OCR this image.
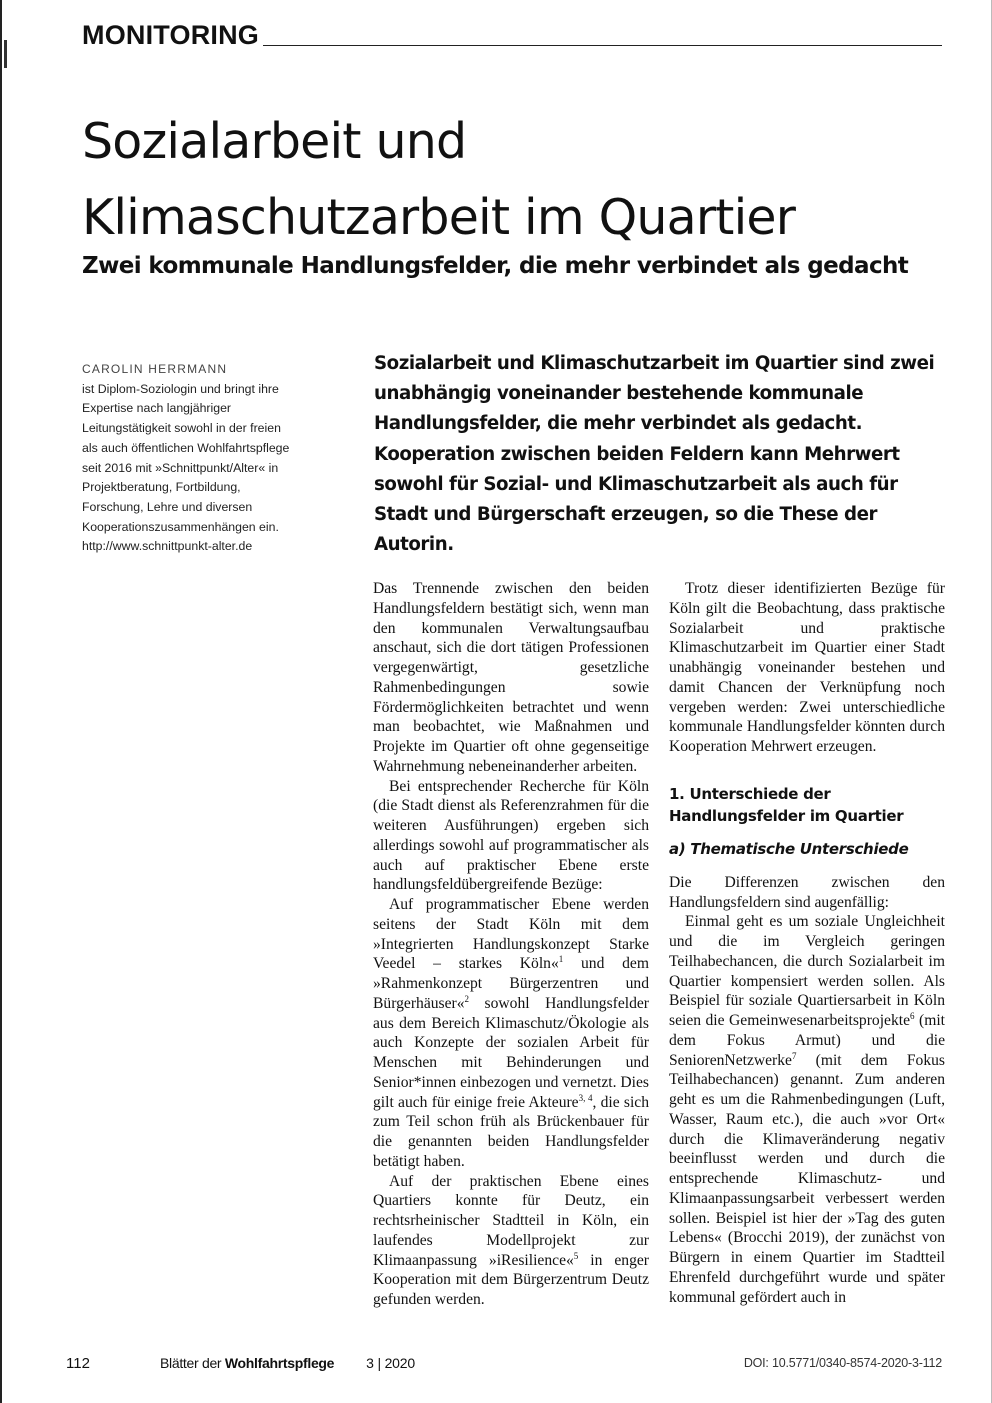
MONITORING
Sozialarbeit und
Klimaschutzarbeit im Quartier
Zwei kommunale Handlungsfelder, die mehr verbindet als gedacht
CAROLIN HERRMANN
ist Diplom-Soziologin und bringt ihre Expertise nach langjähriger Leitungstätigkeit sowohl in der freien als auch öffentlichen Wohlfahrtspflege seit 2016 mit »Schnittpunkt/Alter« in Projektberatung, Fortbildung, Forschung, Lehre und diversen Kooperationszusammenhängen ein.
http://www.schnittpunkt-alter.de

Sozialarbeit und Klimaschutzarbeit im Quartier sind zwei unabhängig voneinander bestehende kommunale Handlungsfelder, die mehr verbindet als gedacht. Kooperation zwischen beiden Feldern kann Mehrwert sowohl für Sozial- und Klimaschutzarbeit als auch für Stadt und Bürgerschaft erzeugen, so die These der Autorin.

Das Trennende zwischen den beiden Handlungsfeldern bestätigt sich, wenn man den kommunalen Verwaltungsaufbau anschaut, sich die dort tätigen Professionen vergegenwärtigt, gesetzliche Rahmenbedingungen sowie Fördermöglichkeiten betrachtet und wenn man beobachtet, wie Maßnahmen und Projekte im Quartier oft ohne gegenseitige Wahrnehmung nebeneinanderher arbeiten.

Bei entsprechender Recherche für Köln (die Stadt dienst als Referenzrahmen für die weiteren Ausführungen) ergeben sich allerdings sowohl auf programmatischer als auch auf praktischer Ebene erste handlungsfeldübergreifende Bezüge:

Auf programmatischer Ebene werden seitens der Stadt Köln mit dem »Integrierten Handlungskonzept Starke Veedel – starkes Köln«$^1$ und dem »Rahmenkonzept Bürgerzentren und Bürgerhäuser«$^2$ sowohl Handlungsfelder aus dem Bereich Klimaschutz/Ökologie als auch Konzepte der sozialen Arbeit für Menschen mit Behinderungen und Senior*innen einbezogen und vernetzt. Dies gilt auch für einige freie Akteure$^{3, 4}$, die sich zum Teil schon früh als Brückenbauer für die genannten beiden Handlungsfelder betätigt haben.

Auf der praktischen Ebene eines Quartiers konnte für Deutz, ein rechtsrheinischer Stadtteil in Köln, ein laufendes Modellprojekt zur Klimaanpassung »iResilience«$^5$ in enger Kooperation mit dem Bürgerzentrum Deutz gefunden werden.

Trotz dieser identifizierten Bezüge für Köln gilt die Beobachtung, dass praktische Sozialarbeit und praktische Klimaschutzarbeit im Quartier einer Stadt unabhängig voneinander bestehen und damit Chancen der Verknüpfung noch vergeben werden: Zwei unterschiedliche kommunale Handlungsfelder könnten durch Kooperation Mehrwert erzeugen.

1. Unterschiede der Handlungsfelder im Quartier
a) Thematische Unterschiede

Die Differenzen zwischen den Handlungsfeldern sind augenfällig:

Einmal geht es um soziale Ungleichheit und die im Vergleich geringen Teilhabechancen, die durch Sozialarbeit im Quartier kompensiert werden sollen. Als Beispiel für soziale Quartiersarbeit in Köln seien die Gemeinwesenarbeitsprojekte$^6$ (mit dem Fokus Armut) und die SeniorenNetzwerke$^7$ (mit dem Fokus Teilhabechancen) genannt. Zum anderen geht es um die Rahmenbedingungen (Luft, Wasser, Raum etc.), die auch »vor Ort« durch die Klimaveränderung negativ beeinflusst werden und durch die entsprechende Klimaschutz- und Klimaanpassungsarbeit verbessert werden sollen. Beispiel ist hier der »Tag des guten Lebens« (Brocchi 2019), der zunächst von Bürgern in einem Quartier im Stadtteil Ehrenfeld durchgeführt wurde und später kommunal gefördert auch in

112	Blätter der Wohlfahrtspflege 3 | 2020	DOI: 10.5771/0340-8574-2020-3-112
